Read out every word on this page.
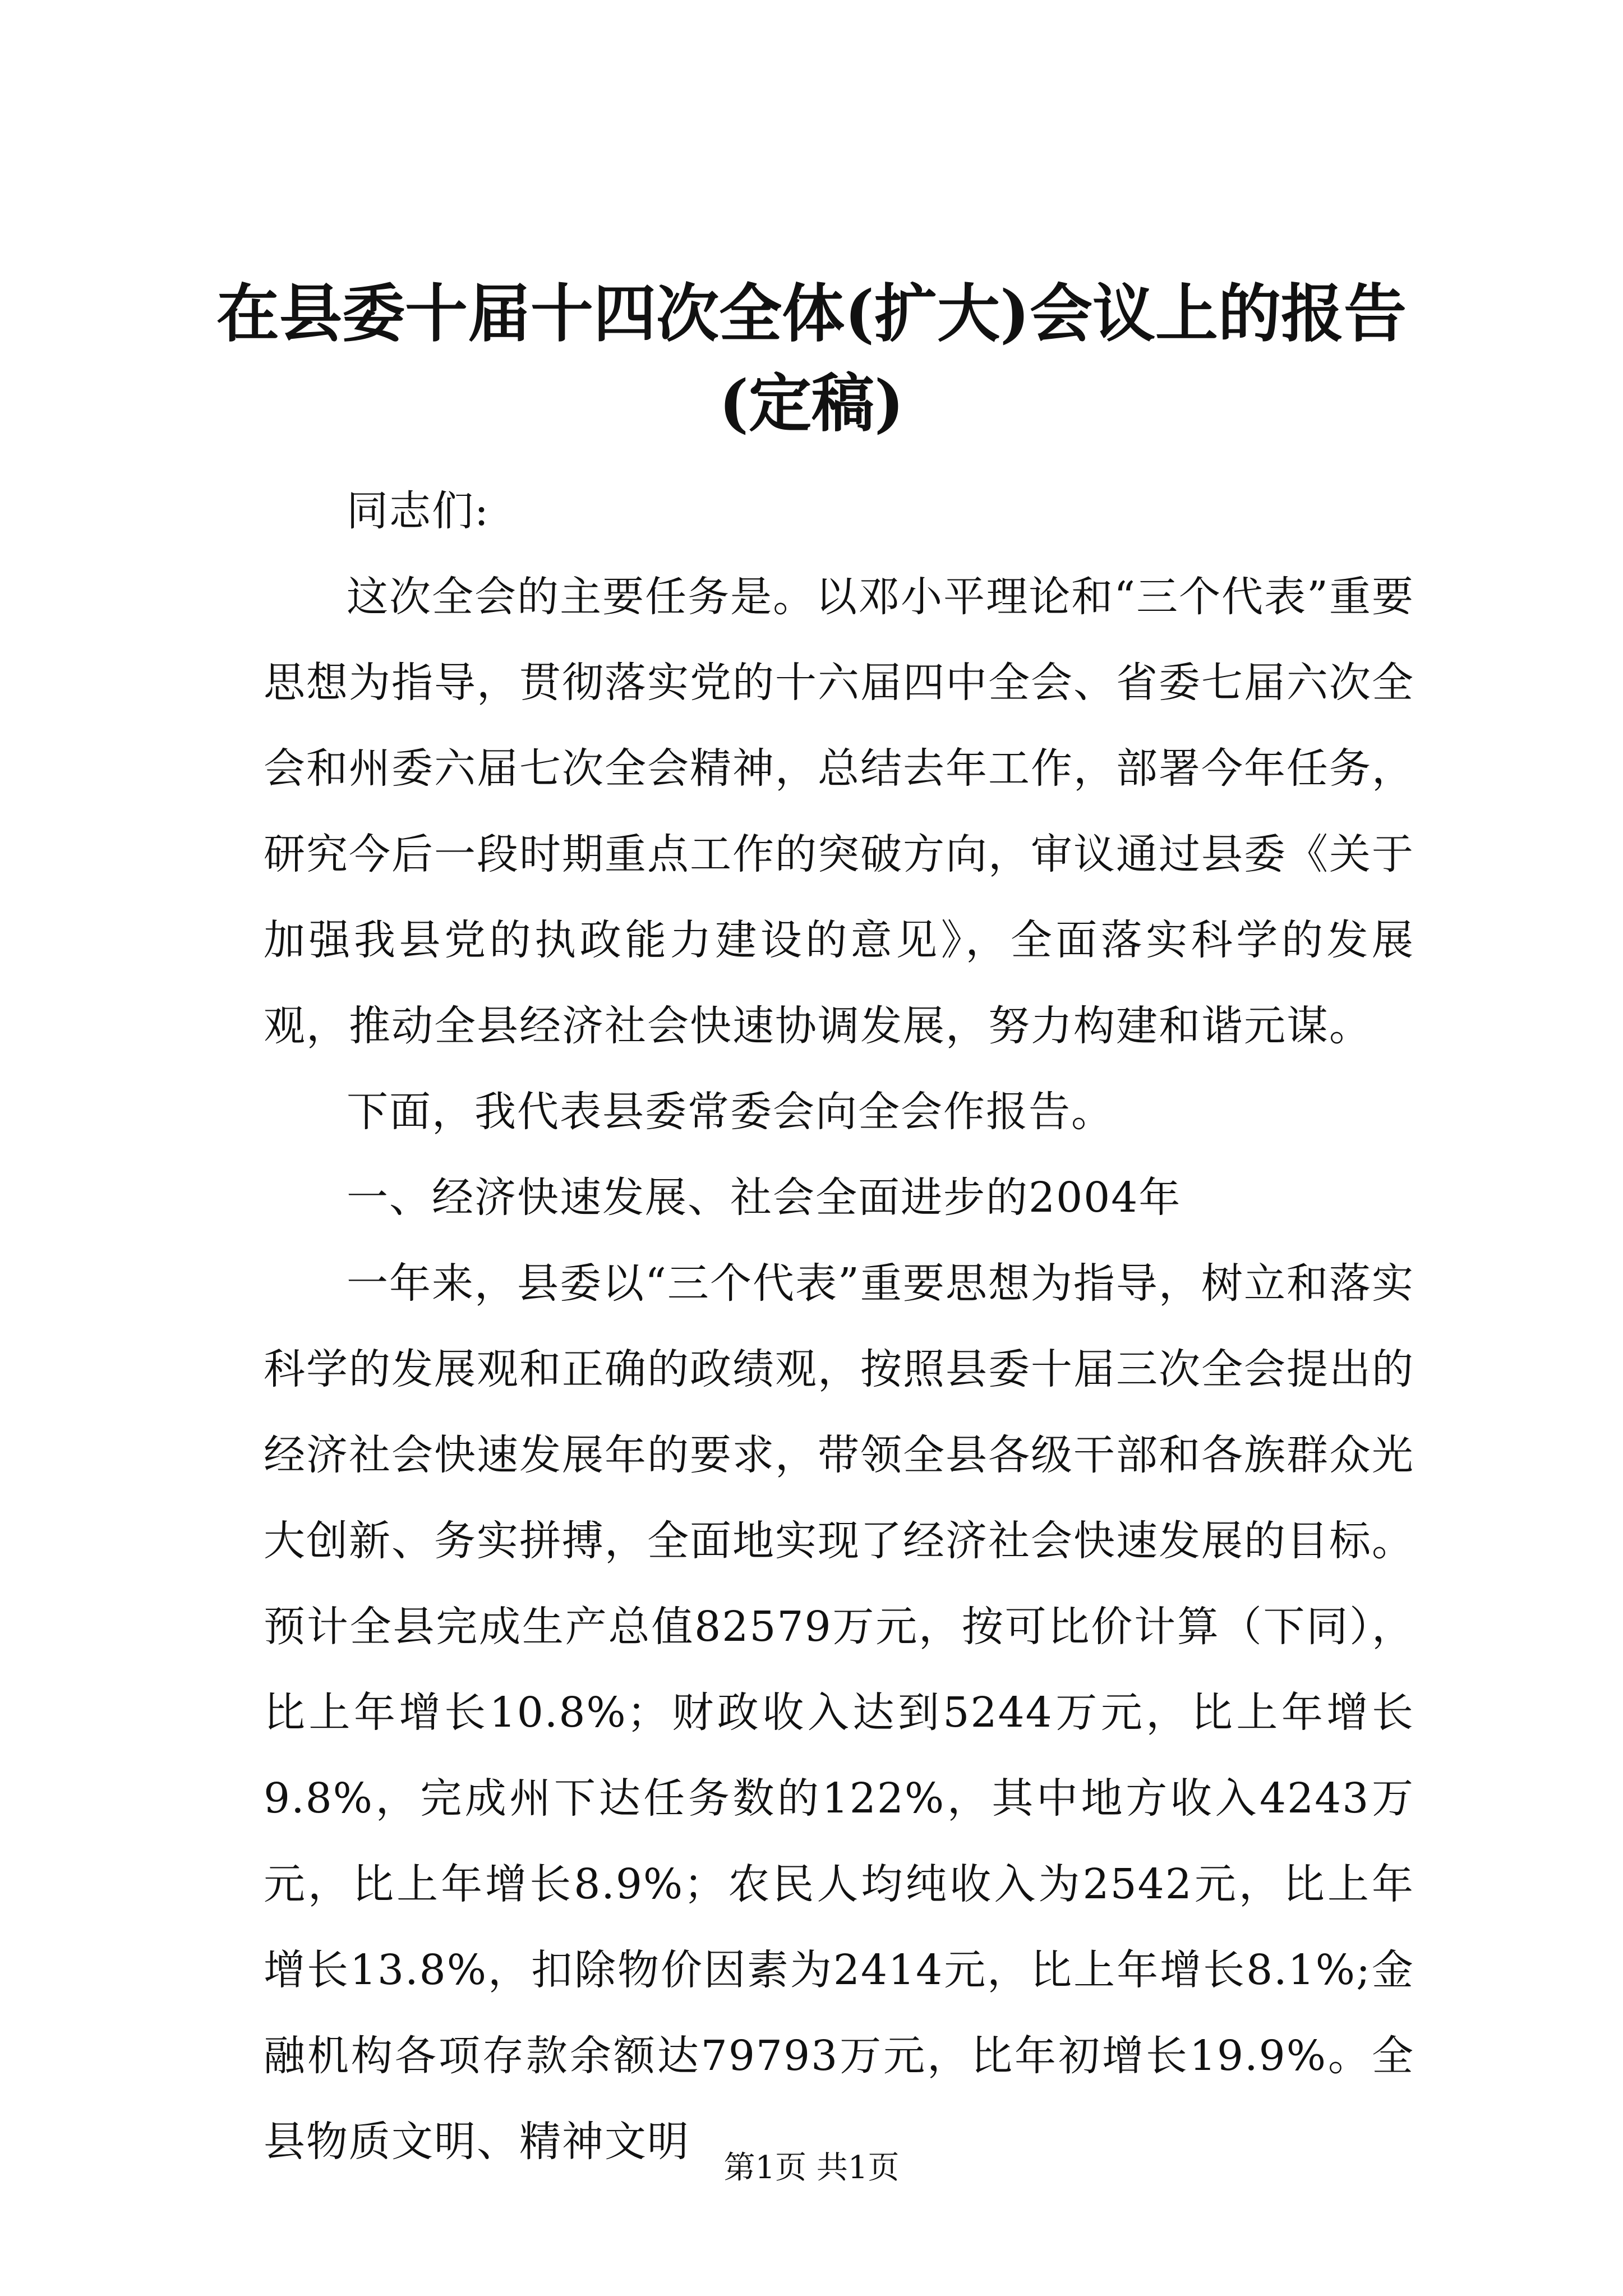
在县委十届十四次全体(扩大)会议上的报告
(定稿)

同志们:

这次全会的主要任务是。以邓小平理论和“三个代表”重要思想为指导，贯彻落实党的十六届四中全会、省委七届六次全会和州委六届七次全会精神，总结去年工作，部署今年任务，研究今后一段时期重点工作的突破方向，审议通过县委《关于加强我县党的执政能力建设的意见》，全面落实科学的发展观，推动全县经济社会快速协调发展，努力构建和谐元谋。

下面，我代表县委常委会向全会作报告。

一、经济快速发展、社会全面进步的2004年

一年来，县委以“三个代表”重要思想为指导，树立和落实科学的发展观和正确的政绩观，按照县委十届三次全会提出的经济社会快速发展年的要求，带领全县各级干部和各族群众光大创新、务实拼搏，全面地实现了经济社会快速发展的目标。预计全县完成生产总值82579万元，按可比价计算（下同），比上年增长10.8%；财政收入达到5244万元，比上年增长9.8%，完成州下达任务数的122%，其中地方收入4243万元，比上年增长8.9%；农民人均纯收入为2542元，比上年增长13.8%，扣除物价因素为2414元，比上年增长8.1%;金融机构各项存款余额达79793万元，比年初增长19.9%。全县物质文明、精神文明

第1页 共1页
